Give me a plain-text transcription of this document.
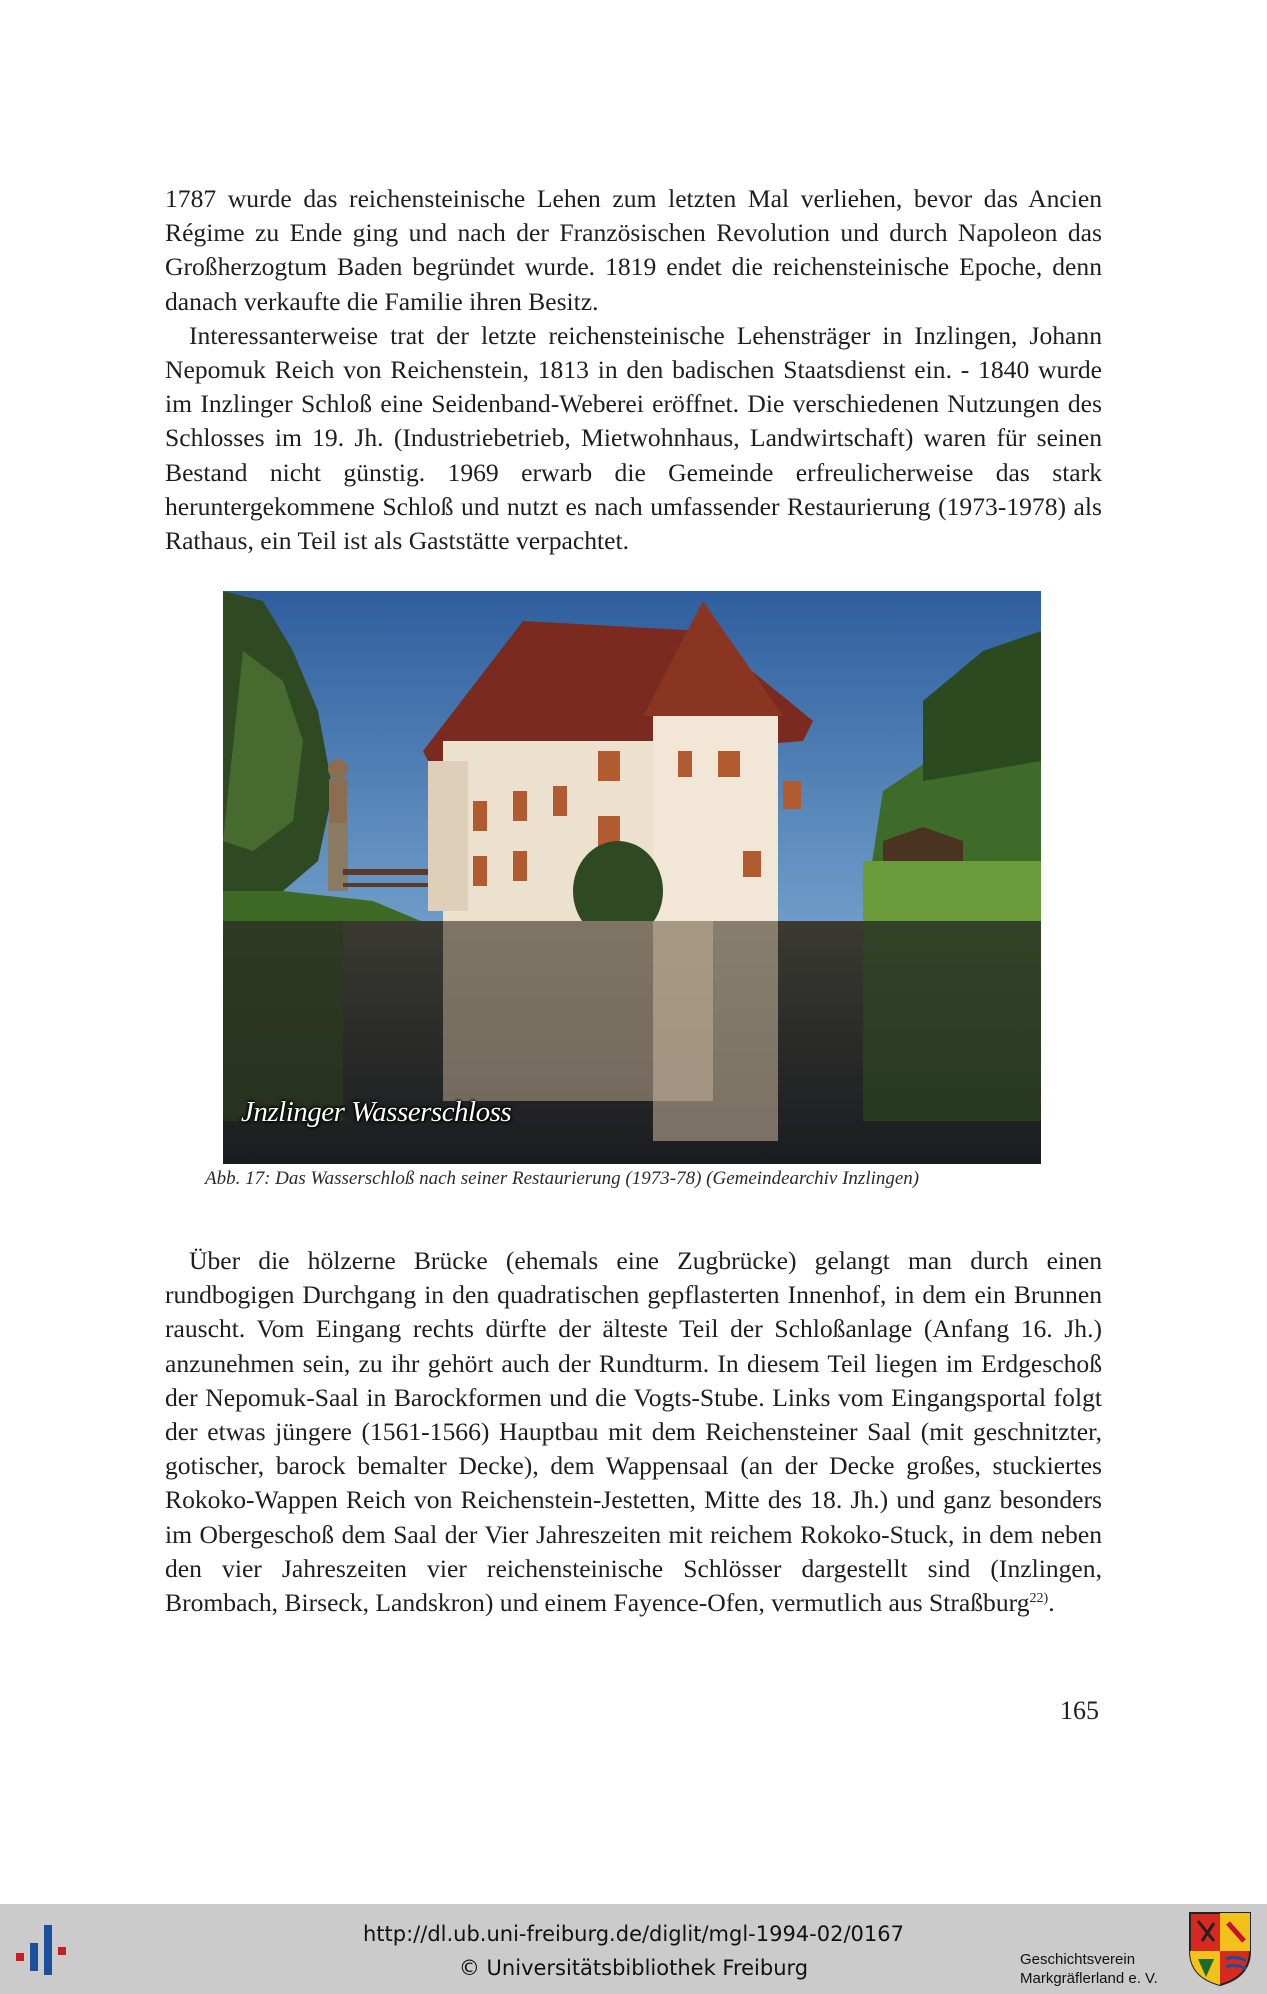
1787 wurde das reichensteinische Lehen zum letzten Mal verliehen, bevor das Ancien Régime zu Ende ging und nach der Französischen Revolution und durch Napoleon das Großherzogtum Baden begründet wurde. 1819 endet die reichensteinische Epoche, denn danach verkaufte die Familie ihren Besitz.

Interessanterweise trat der letzte reichensteinische Lehensträger in Inzlingen, Johann Nepomuk Reich von Reichenstein, 1813 in den badischen Staatsdienst ein. - 1840 wurde im Inzlinger Schloß eine Seidenband-Weberei eröffnet. Die verschiedenen Nutzungen des Schlosses im 19. Jh. (Industriebetrieb, Mietwohnhaus, Landwirtschaft) waren für seinen Bestand nicht günstig. 1969 erwarb die Gemeinde erfreulicherweise das stark heruntergekommene Schloß und nutzt es nach umfassender Restaurierung (1973-1978) als Rathaus, ein Teil ist als Gaststätte verpachtet.

Jnzlinger Wasserschloss
Abb. 17: Das Wasserschloß nach seiner Restaurierung (1973-78) (Gemeindearchiv Inzlingen)

Über die hölzerne Brücke (ehemals eine Zugbrücke) gelangt man durch einen rundbogigen Durchgang in den quadratischen gepflasterten Innenhof, in dem ein Brunnen rauscht. Vom Eingang rechts dürfte der älteste Teil der Schloßanlage (Anfang 16. Jh.) anzunehmen sein, zu ihr gehört auch der Rundturm. In diesem Teil liegen im Erdgeschoß der Nepomuk-Saal in Barockformen und die Vogts-Stube. Links vom Eingangsportal folgt der etwas jüngere (1561-1566) Hauptbau mit dem Reichensteiner Saal (mit geschnitzter, gotischer, barock bemalter Decke), dem Wappensaal (an der Decke großes, stuckiertes Rokoko-Wappen Reich von Reichenstein-Jestetten, Mitte des 18. Jh.) und ganz besonders im Obergeschoß dem Saal der Vier Jahreszeiten mit reichem Rokoko-Stuck, in dem neben den vier Jahreszeiten vier reichensteinische Schlösser dargestellt sind (Inzlingen, Brombach, Birseck, Landskron) und einem Fayence-Ofen, vermutlich aus Straßburg$^{22)}$.

165
http://dl.ub.uni-freiburg.de/diglit/mgl-1994-02/0167
© Universitätsbibliothek Freiburg	Geschichtsverein
Markgräflerland e. V.
